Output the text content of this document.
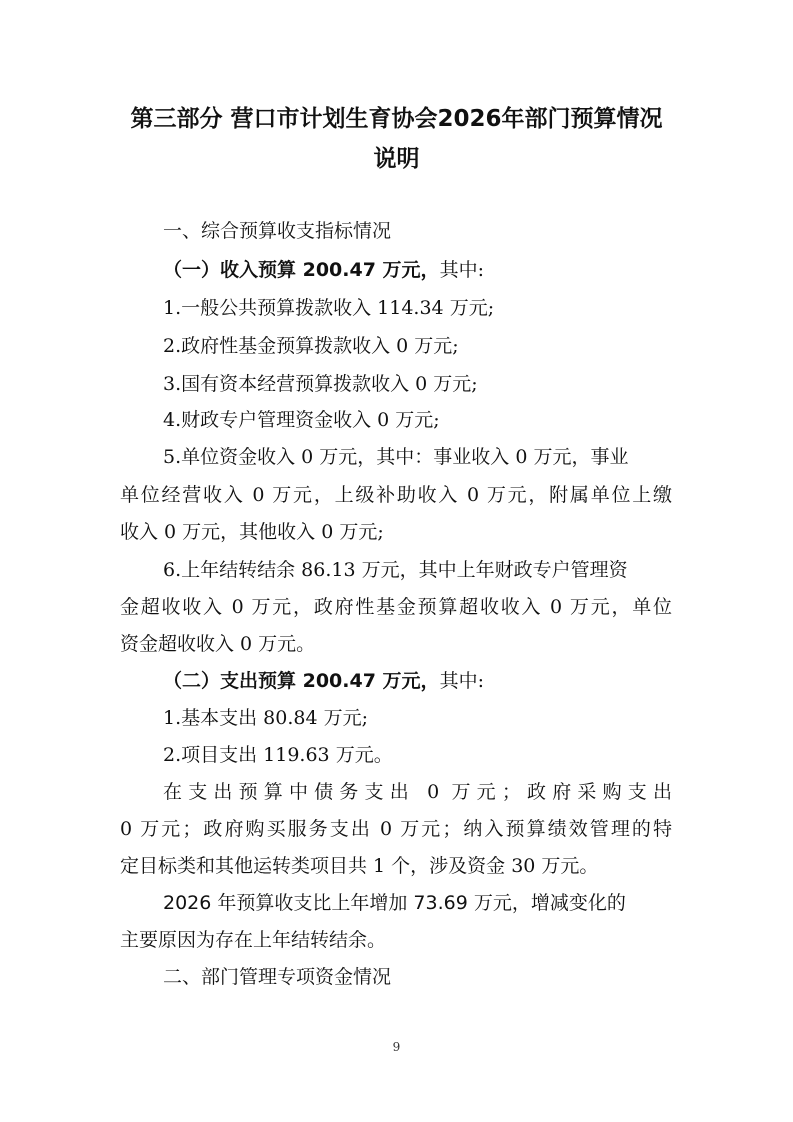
第三部分 营口市计划生育协会2026年部门预算情况
说明
一、综合预算收支指标情况
（一）收入预算 200.47 万元，其中:
1.一般公共预算拨款收入 114.34 万元;
2.政府性基金预算拨款收入 0 万元;
3.国有资本经营预算拨款收入 0 万元;
4.财政专户管理资金收入 0 万元;
5.单位资金收入 0 万元，其中：事业收入 0 万元，事业
单位经营收入 0 万元，上级补助收入 0 万元，附属单位上缴
收入 0 万元，其他收入 0 万元;
6.上年结转结余 86.13 万元，其中上年财政专户管理资
金超收收入 0 万元，政府性基金预算超收收入 0 万元，单位
资金超收收入 0 万元。
（二）支出预算 200.47 万元，其中:
1.基本支出 80.84 万元;
2.项目支出 119.63 万元。
在支出预算中债务支出 0 万元；政府采购支出
0 万元；政府购买服务支出 0 万元；纳入预算绩效管理的特
定目标类和其他运转类项目共 1 个，涉及资金 30 万元。
2026 年预算收支比上年增加 73.69 万元，增减变化的
主要原因为存在上年结转结余。
二、部门管理专项资金情况
9
